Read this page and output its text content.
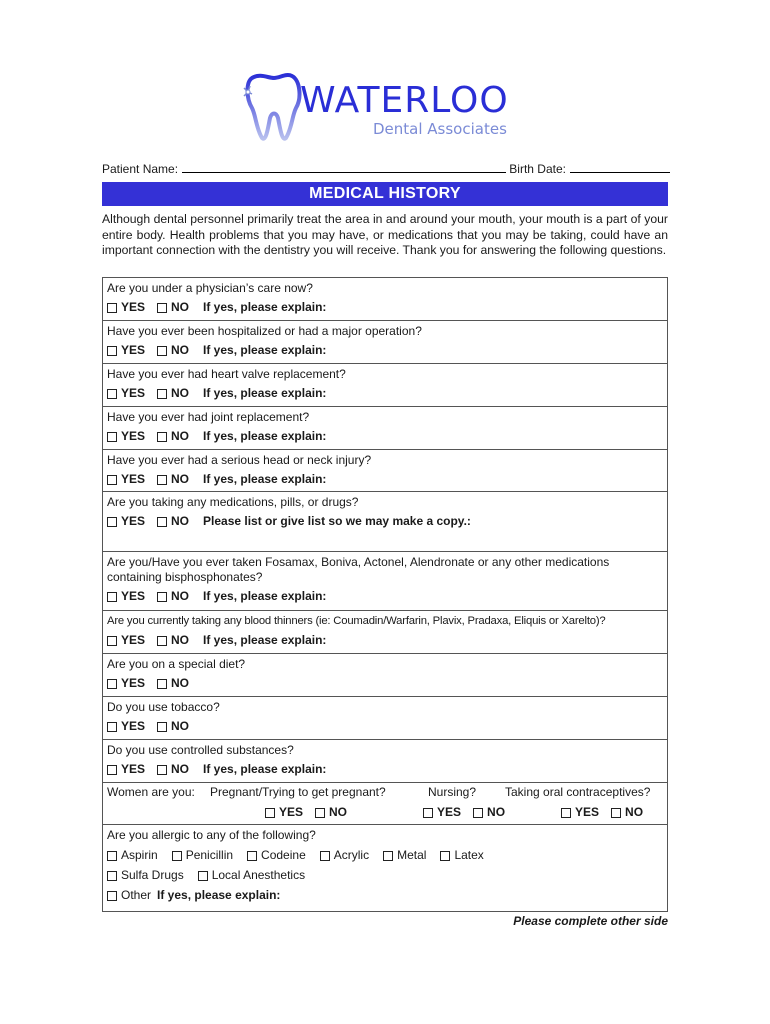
WATERLOO
Dental Associates
Patient Name:	Birth Date:
MEDICAL HISTORY
Although dental personnel primarily treat the area in and around your mouth, your mouth is a part of your entire body. Health problems that you may have, or medications that you may be taking, could have an important connection with the dentistry you will receive. Thank you for answering the following questions.
Are you under a physician’s care now?
YES NO If yes, please explain:
Have you ever been hospitalized or had a major operation?
YES NO If yes, please explain:
Have you ever had heart valve replacement?
YES NO If yes, please explain:
Have you ever had joint replacement?
YES NO If yes, please explain:
Have you ever had a serious head or neck injury?
YES NO If yes, please explain:
Are you taking any medications, pills, or drugs?
YES NO Please list or give list so we may make a copy.:
Are you/Have you ever taken Fosamax, Boniva, Actonel, Alendronate or any other medications containing bisphosphonates?
YES NO If yes, please explain:
Are you currently taking any blood thinners (ie: Coumadin/Warfarin, Plavix, Pradaxa, Eliquis or Xarelto)?
YES NO If yes, please explain:
Are you on a special diet?
YES NO
Do you use tobacco?
YES NO
Do you use controlled substances?
YES NO If yes, please explain:
Women are you:	Pregnant/Trying to get pregnant?	Nursing?	Taking oral contraceptives?
YES NO	YES NO	YES NO
Are you allergic to any of the following?
Aspirin Penicillin Codeine Acrylic Metal Latex
Sulfa Drugs Local Anesthetics
Other If yes, please explain:
Please complete other side
